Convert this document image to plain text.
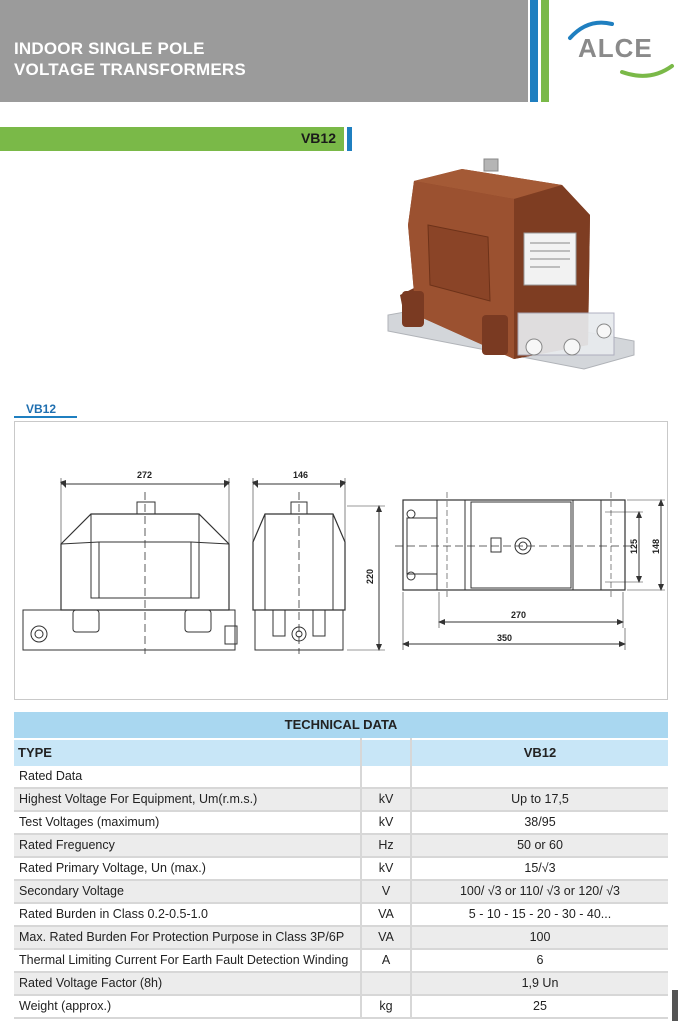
INDOOR SINGLE POLE
VOLTAGE TRANSFORMERS
ALCE
VB12
VB12
272	146
220
125 148
270
350
TECHNICAL DATA		
TYPE		VB12
Rated Data		
Highest Voltage For Equipment, Um(r.m.s.)	kV	Up to 17,5
Test Voltages (maximum)	kV	38/95
Rated Freguency	Hz	50 or 60
Rated Primary Voltage, Un (max.)	kV	15/√3
Secondary Voltage	V	100/ √3 or 110/ √3 or 120/ √3
Rated Burden in Class 0.2-0.5-1.0	VA	5 - 10 - 15 - 20 - 30 - 40...
Max. Rated Burden For Protection Purpose in Class 3P/6P	VA	100
Thermal Limiting Current For Earth Fault Detection Winding	A	6
Rated Voltage Factor (8h)		1,9 Un
Weight (approx.)	kg	25
